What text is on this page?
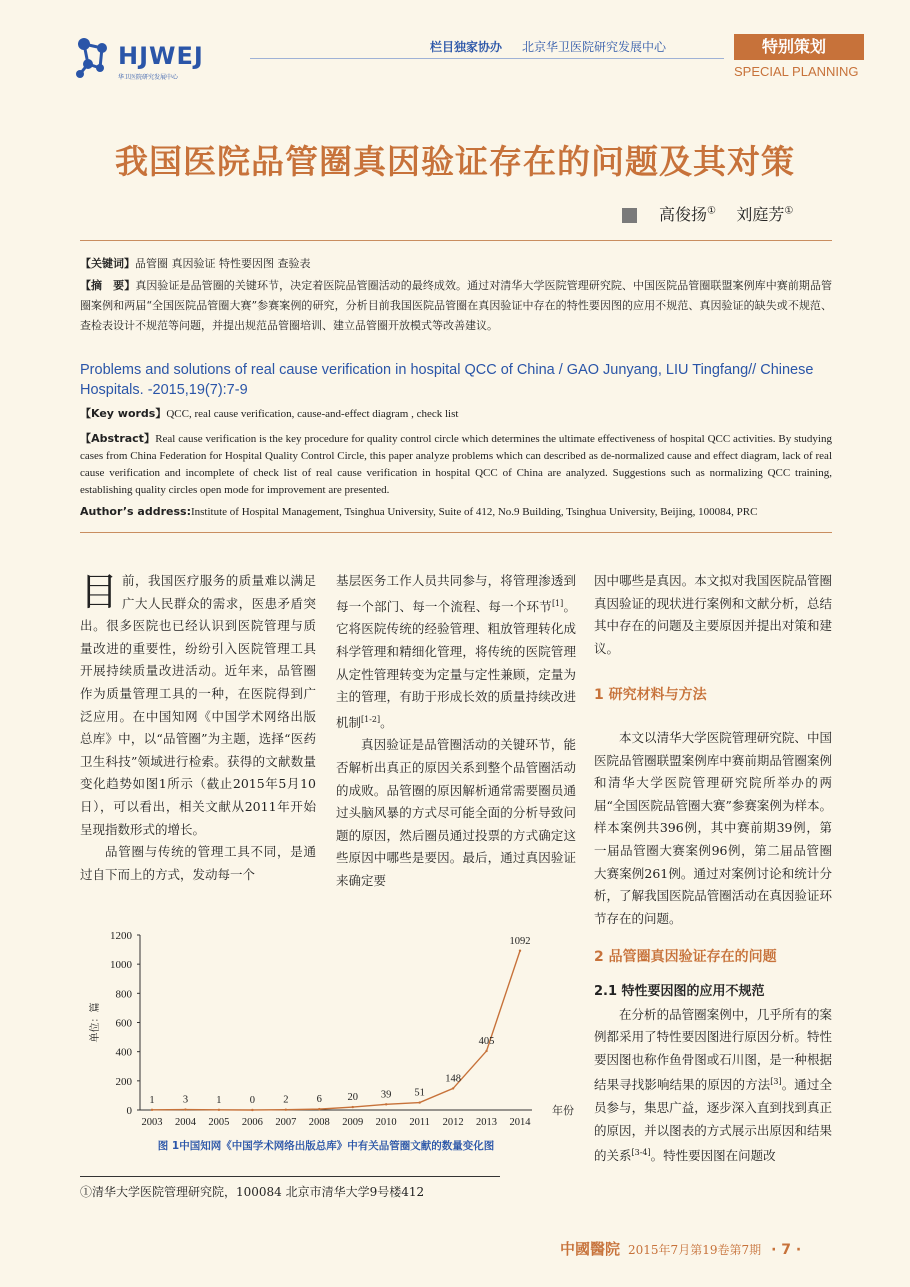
HJWEJ
华卫医院研究发展中心
栏目独家协办 北京华卫医院研究发展中心	特别策划
SPECIAL PLANNING
我国医院品管圈真因验证存在的问题及其对策
高俊扬① 刘庭芳①
【关键词】品管圈 真因验证 特性要因图 查验表
【摘　要】真因验证是品管圈的关键环节，决定着医院品管圈活动的最终成效。通过对清华大学医院管理研究院、中国医院品管圈联盟案例库中赛前期品管圈案例和两届“全国医院品管圈大赛”参赛案例的研究，分析目前我国医院品管圈在真因验证中存在的特性要因图的应用不规范、真因验证的缺失或不规范、查检表设计不规范等问题，并提出规范品管圈培训、建立品管圈开放模式等改善建议。
Problems and solutions of real cause verification in hospital QCC of China / GAO Junyang, LIU Tingfang// Chinese Hospitals. -2015,19(7):7-9
【Key words】QCC, real cause verification, cause-and-effect diagram , check list
【Abstract】Real cause verification is the key procedure for quality control circle which determines the ultimate effectiveness of hospital QCC activities. By studying cases from China Federation for Hospital Quality Control Circle, this paper analyze problems which can described as de-normalized cause and effect diagram, lack of real cause verification and incomplete of check list of real cause verification in hospital QCC of China are analyzed. Suggestions such as normalizing QCC training, establishing quality circles open mode for improvement are presented.
Author’s address:Institute of Hospital Management, Tsinghua University, Suite of 412, No.9 Building, Tsinghua University, Beijing, 100084, PRC

目前，我国医疗服务的质量难以满足广大人民群众的需求，医患矛盾突出。很多医院也已经认识到医院管理与质量改进的重要性，纷纷引入医院管理工具开展持续质量改进活动。近年来，品管圈作为质量管理工具的一种，在医院得到广泛应用。在中国知网《中国学术网络出版总库》中，以“品管圈”为主题，选择“医药卫生科技”领域进行检索。获得的文献数量变化趋势如图1所示（截止2015年5月10日），可以看出，相关文献从2011年开始呈现指数形式的增长。

品管圈与传统的管理工具不同，是通过自下而上的方式，发动每一个

基层医务工作人员共同参与，将管理渗透到每一个部门、每一个流程、每一个环节[1]。它将医院传统的经验管理、粗放管理转化成科学管理和精细化管理，将传统的医院管理从定性管理转变为定量与定性兼顾，定量为主的管理，有助于形成长效的质量持续改进机制[1-2]。

真因验证是品管圈活动的关键环节，能否解析出真正的原因关系到整个品管圈活动的成败。品管圈的原因解析通常需要圈员通过头脑风暴的方式尽可能全面的分析导致问题的原因，然后圈员通过投票的方式确定这些原因中哪些是要因。最后，通过真因验证来确定要

因中哪些是真因。本文拟对我国医院品管圈真因验证的现状进行案例和文献分析，总结其中存在的问题及主要原因并提出对策和建议。

1 研究材料与方法

本文以清华大学医院管理研究院、中国医院品管圈联盟案例库中赛前期品管圈案例和清华大学医院管理研究院所举办的两届“全国医院品管圈大赛”参赛案例为样本。样本案例共396例，其中赛前期39例，第一届品管圈大赛案例96例，第二届品管圈大赛案例261例。通过对案例讨论和统计分析，了解我国医院品管圈活动在真因验证环节存在的问题。

2 品管圈真因验证存在的问题

2.1 特性要因图的应用不规范

在分析的品管圈案例中，几乎所有的案例都采用了特性要因图进行原因分析。特性要因图也称作鱼骨图或石川图，是一种根据结果寻找影响结果的原因的方法[3]。通过全员参与，集思广益，逐步深入直到找到真正的原因，并以图表的方式展示出原因和结果的关系[3-4]。特性要因图在问题改

0
200
400
600
800
1000
1200
2003 2004 2005 2006 2007 2008 2009 2010 2011 2012 2013 2014
单位：篇
年份
1	3	1	0	2	6 20 39 51
148
405
1092
图 1中国知网《中国学术网络出版总库》中有关品管圈文献的数量变化图
①清华大学医院管理研究院，100084 北京市清华大学9号楼412
中國醫院 2015年7月第19卷第7期 · 7 ·
